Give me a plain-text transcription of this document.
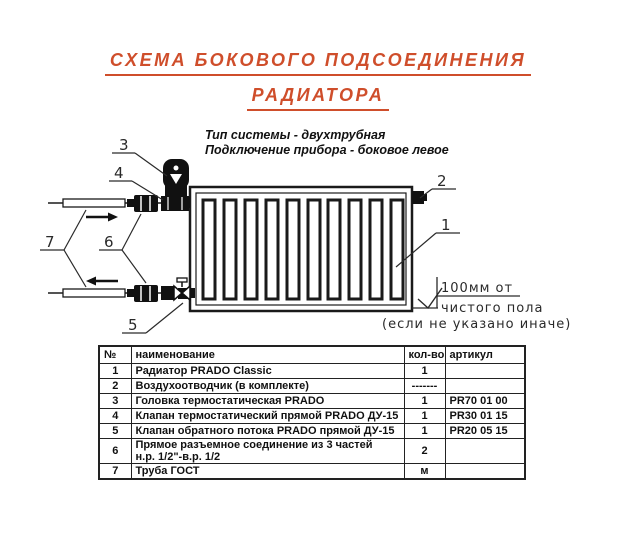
СХЕМА БОКОВОГО ПОДСОЕДИНЕНИЯ
РАДИАТОРА
Тип системы - двухтрубная
Подключение прибора - боковое левое
100мм от
чистого пола
(если не указано иначе)
3
4
7	6
5
2
1
№	наименование	кол-во	артикул
1	Радиатор PRADO Classic	1	
2	Воздухоотводчик (в комплекте)	-------	
3	Головка термостатическая PRADO	1	PR70 01 00
4	Клапан термостатический прямой PRADO ДУ-15	1	PR30 01 15
5	Клапан обратного потока PRADO прямой ДУ-15	1	PR20 05 15
6	Прямое разъемное соединение из 3 частей
н.р. 1/2"-в.р. 1/2	2	
7	Труба ГОСТ	м	
